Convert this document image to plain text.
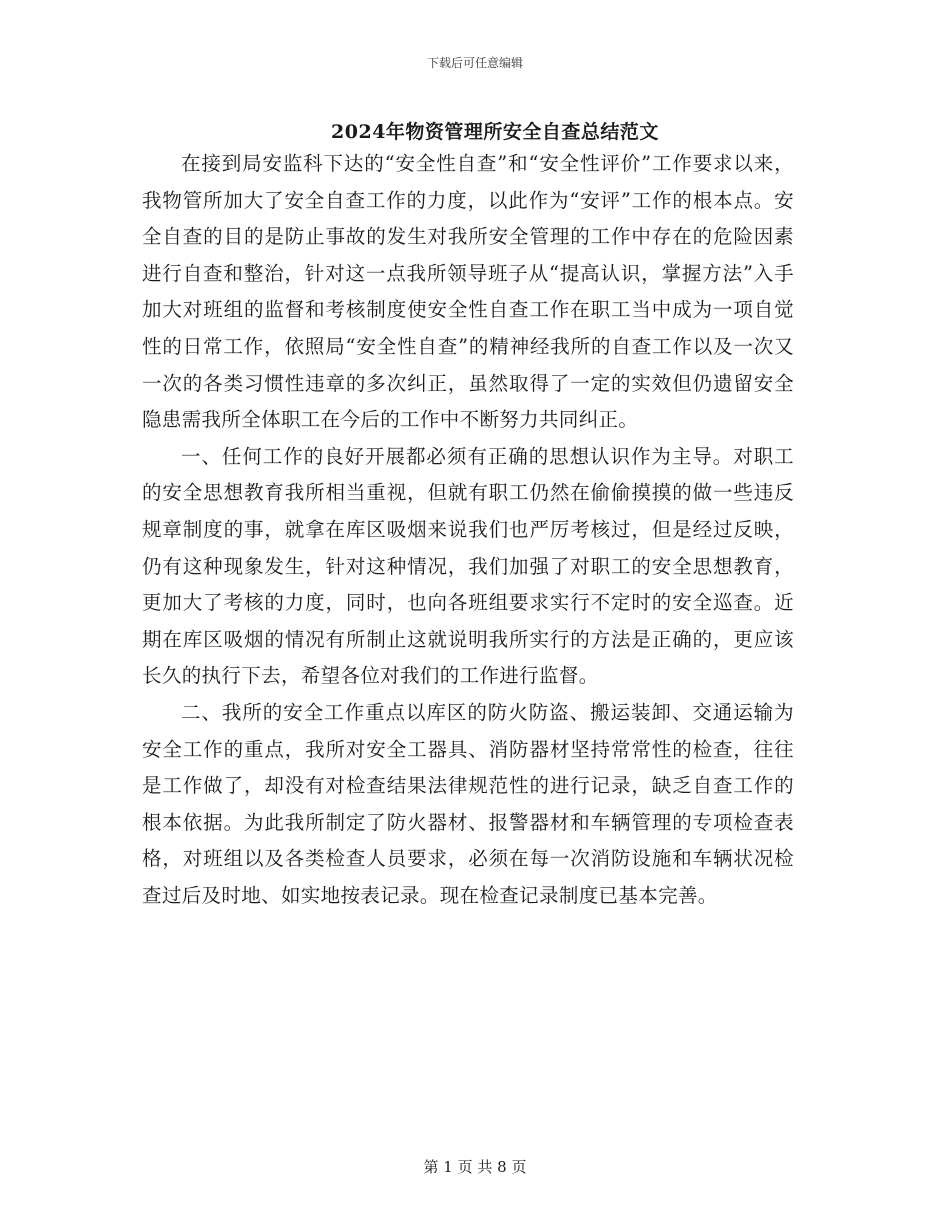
下载后可任意编辑
2024年物资管理所安全自查总结范文

在接到局安监科下达的“安全性自查”和“安全性评价”工作要求以来，我物管所加大了安全自查工作的力度，以此作为“安评”工作的根本点。安全自查的目的是防止事故的发生对我所安全管理的工作中存在的危险因素进行自查和整治，针对这一点我所领导班子从“提高认识，掌握方法”入手加大对班组的监督和考核制度使安全性自查工作在职工当中成为一项自觉性的日常工作，依照局“安全性自查”的精神经我所的自查工作以及一次又一次的各类习惯性违章的多次纠正，虽然取得了一定的实效但仍遗留安全隐患需我所全体职工在今后的工作中不断努力共同纠正。

一、任何工作的良好开展都必须有正确的思想认识作为主导。对职工的安全思想教育我所相当重视，但就有职工仍然在偷偷摸摸的做一些违反规章制度的事，就拿在库区吸烟来说我们也严厉考核过，但是经过反映，仍有这种现象发生，针对这种情况，我们加强了对职工的安全思想教育，更加大了考核的力度，同时，也向各班组要求实行不定时的安全巡查。近期在库区吸烟的情况有所制止这就说明我所实行的方法是正确的，更应该长久的执行下去，希望各位对我们的工作进行监督。

二、我所的安全工作重点以库区的防火防盗、搬运装卸、交通运输为安全工作的重点，我所对安全工器具、消防器材坚持常常性的检查，往往是工作做了，却没有对检查结果法律规范性的进行记录，缺乏自查工作的根本依据。为此我所制定了防火器材、报警器材和车辆管理的专项检查表格，对班组以及各类检查人员要求，必须在每一次消防设施和车辆状况检查过后及时地、如实地按表记录。现在检查记录制度已基本完善。

第 1 页 共 8 页
